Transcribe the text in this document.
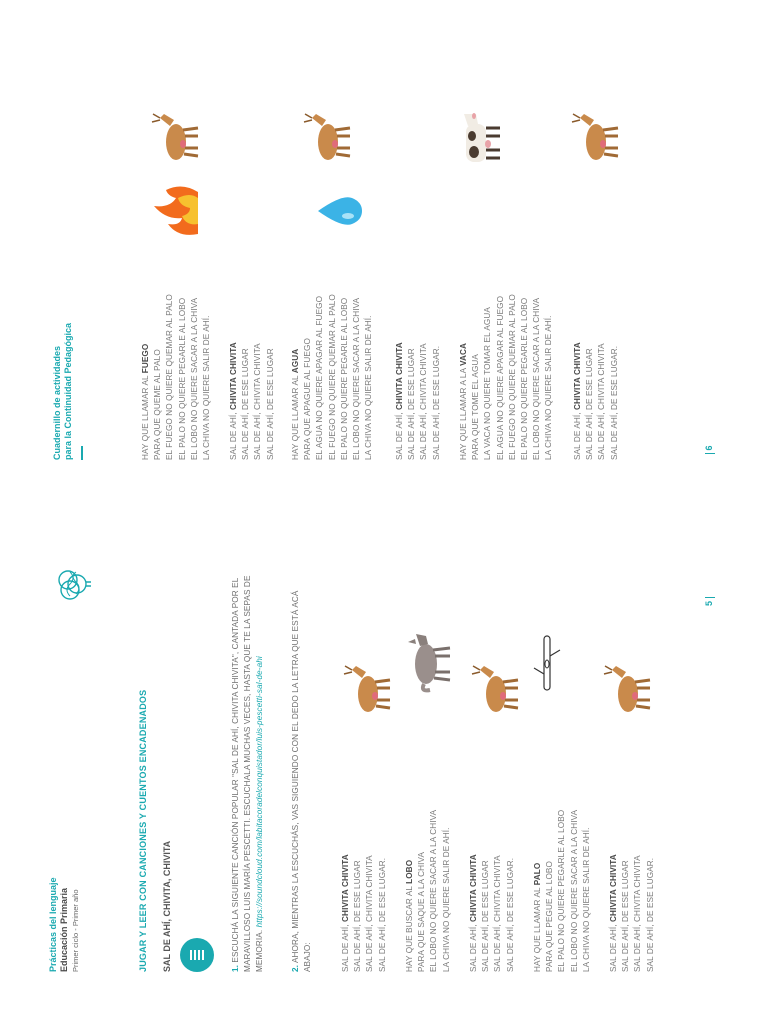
Prácticas del lenguaje Educación Primaria Primer ciclo - Primer año	JUGAR Y LEER CON CANCIONES Y CUENTOS ENCADENADOS SAL DE AHÍ, CHIVITA, CHIVITA	1. ESCUCHÁ LA SIGUIENTE CANCIÓN POPULAR "SAL DE AHÍ, CHIVITA CHIVITA", CANTADA POR EL MARAVILLOSO LUIS MARÍA PESCETTI. ESCUCHALA MUCHAS VECES, HASTA QUE TE LA SEPAS DE MEMORIA. https://soundcloud.com/labitacoradelconquistador/luis-pescetti-sal-de-ahi
2. AHORA, MIENTRAS LA ESCUCHÁS, VAS SIGUIENDO CON EL DEDO LA LETRA QUE ESTÁ ACÁ ABAJO:	SAL DE AHÍ, CHIVITA CHIVITA SAL DE AHÍ, DE ESE LUGAR SAL DE AHÍ, CHIVITA CHIVITA SAL DE AHÍ, DE ESE LUGAR. HAY QUE BUSCAR AL LOBO PARA QUE SAQUE A LA CHIVA EL LOBO NO QUIERE SACAR A LA CHIVA LA CHIVA NO QUIERE SALIR DE AHÍ. SAL DE AHÍ, CHIVITA CHIVITA SAL DE AHÍ, DE ESE LUGAR SAL DE AHÍ, CHIVITA CHIVITA SAL DE AHÍ, DE ESE LUGAR. HAY QUE LLAMAR AL PALO PARA QUE PEGUE AL LOBO EL PALO NO QUIERE PEGARLE AL LOBO EL LOBO NO QUIERE SACAR A LA CHIVA LA CHIVA NO QUIERE SALIR DE AHÍ. SAL DE AHÍ, CHIVITA CHIVITA SAL DE AHÍ, DE ESE LUGAR SAL DE AHÍ, CHIVITA CHIVITA SAL DE AHÍ, DE ESE LUGAR.
5
Cuadernillo de actividades para la Continuidad Pedagógica	HAY QUE LLAMAR AL FUEGO PARA QUE QUEME AL PALO EL FUEGO NO QUIERE QUEMAR AL PALO EL PALO NO QUIERE PEGARLE AL LOBO EL LOBO NO QUIERE SACAR A LA CHIVA LA CHIVA NO QUIERE SALIR DE AHÍ. SAL DE AHÍ, CHIVITA CHIVITA SAL DE AHÍ, DE ESE LUGAR SAL DE AHÍ, CHIVITA CHIVITA SAL DE AHÍ, DE ESE LUGAR HAY QUE LLAMAR AL AGUA PARA QUE APAGUE AL FUEGO EL AGUA NO QUIERE APAGAR AL FUEGO EL FUEGO NO QUIERE QUEMAR AL PALO EL PALO NO QUIERE PEGARLE AL LOBO EL LOBO NO QUIERE SACAR A LA CHIVA LA CHIVA NO QUIERE SALIR DE AHÍ.	SAL DE AHÍ, CHIVITA CHIVITA SAL DE AHÍ, DE ESE LUGAR SAL DE AHÍ, CHIVITA CHIVITA SAL DE AHÍ, DE ESE LUGAR. HAY QUE LLAMAR A LA VACA PARA QUE TOME EL AGUA LA VACA NO QUIERE TOMAR EL AGUA EL AGUA NO QUIERE APAGAR AL FUEGO EL FUEGO NO QUIERE QUEMAR AL PALO EL PALO NO QUIERE PEGARLE AL LOBO EL LOBO NO QUIERE SACAR A LA CHIVA LA CHIVA NO QUIERE SALIR DE AHÍ. SAL DE AHÍ, CHIVITA CHIVITA SAL DE AHÍ, DE ESE LUGAR SAL DE AHÍ, CHIVITA CHIVITA SAL DE AHÍ, DE ESE LUGAR.	6
